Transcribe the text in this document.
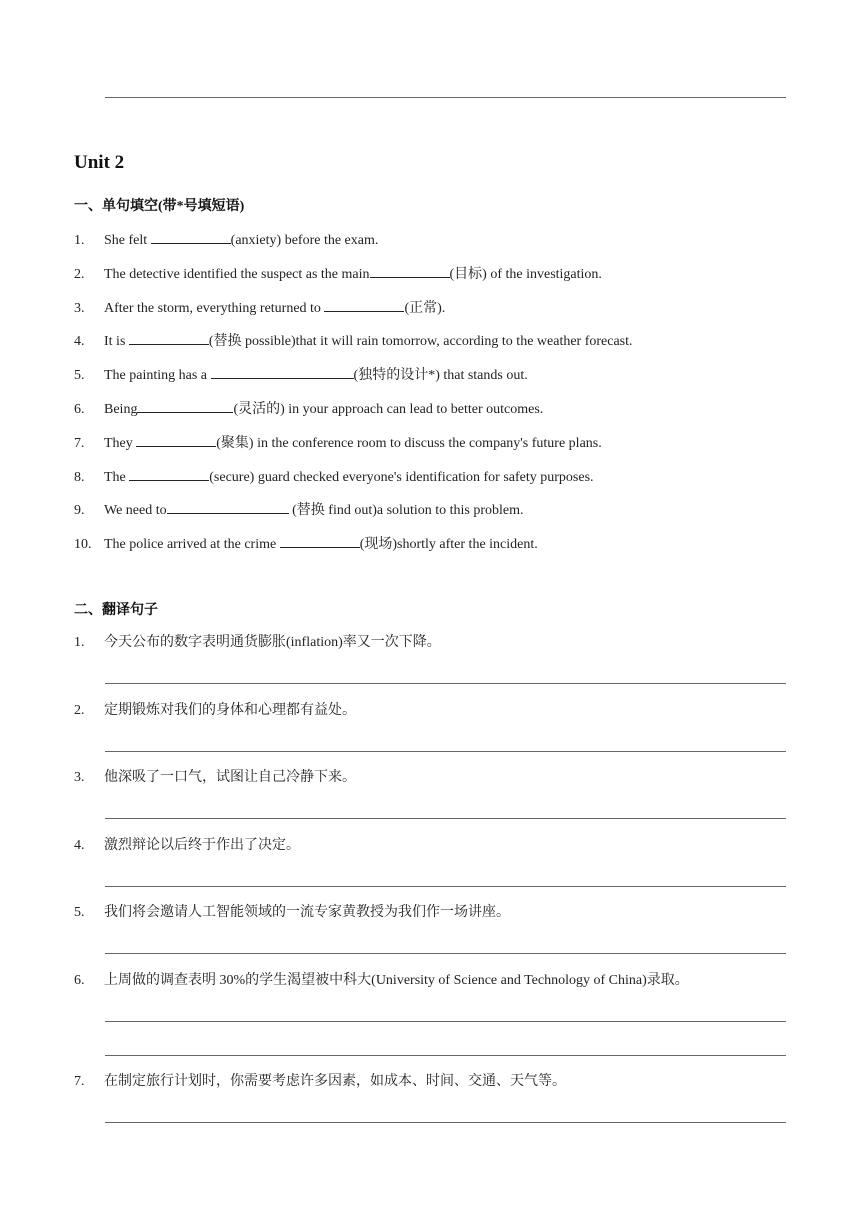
Unit 2
一、单句填空(带*号填短语)
1. She felt	(anxiety) before the exam.
2. The detective identified the suspect as the main	(目标) of the investigation.
3. After the storm, everything returned to	(正常).
4. It is	(替换 possible)that it will rain tomorrow, according to the weather forecast.
5. The painting has a	(独特的设计*) that stands out.
6. Being	(灵活的) in your approach can lead to better outcomes.
7. They	(聚集) in the conference room to discuss the company's future plans.
8. The	(secure) guard checked everyone's identification for safety purposes.
9. We need to	(替换 find out)a solution to this problem.
10. The police arrived at the crime	(现场)shortly after the incident.
二、翻译句子
1. 今天公布的数字表明通货膨胀(inflation)率又一次下降。
2. 定期锻炼对我们的身体和心理都有益处。
3. 他深吸了一口气，试图让自己冷静下来。
4. 激烈辩论以后终于作出了决定。
5. 我们将会邀请人工智能领域的一流专家黄教授为我们作一场讲座。
6. 上周做的调查表明 30%的学生渴望被中科大(University of Science and Technology of China)录取。
7. 在制定旅行计划时，你需要考虑许多因素，如成本、时间、交通、天气等。
